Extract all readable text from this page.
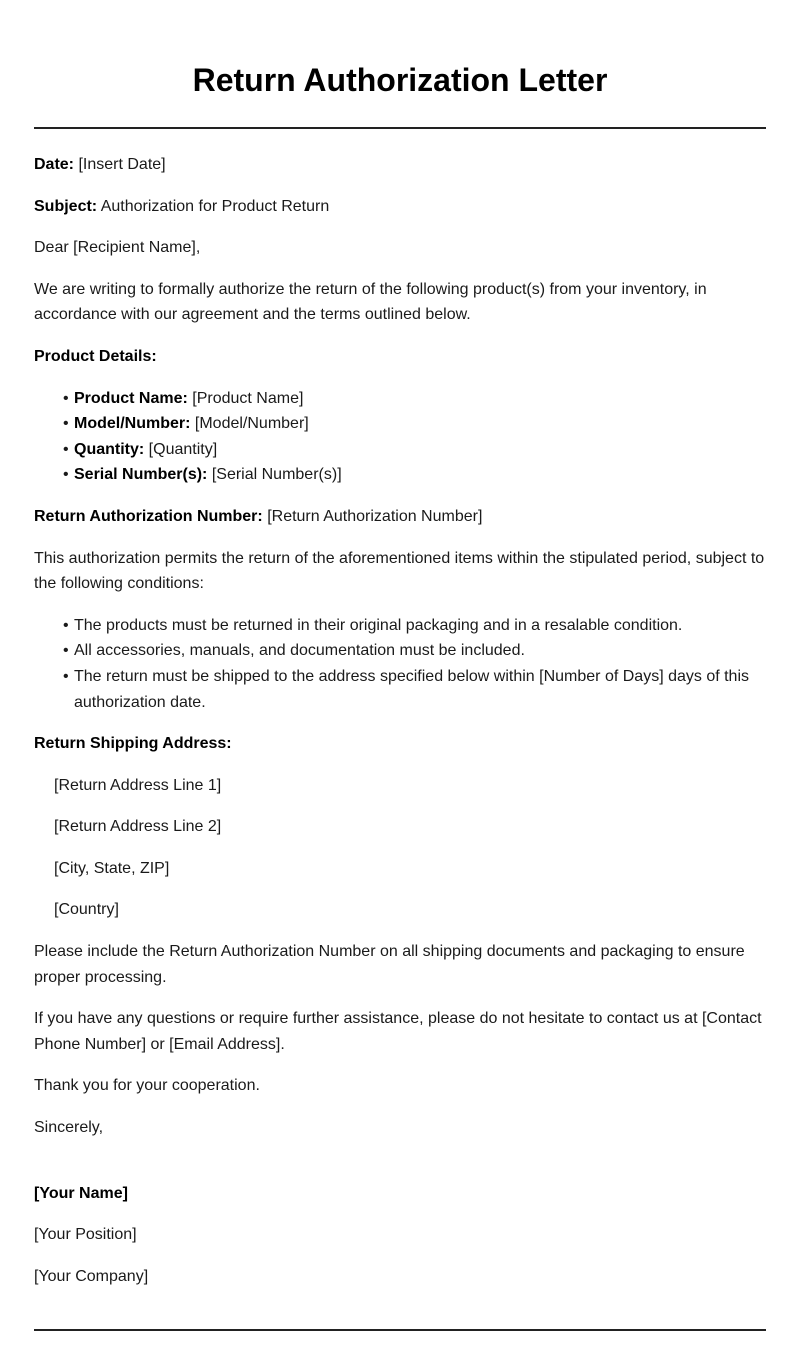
Return Authorization Letter

Date: [Insert Date]

Subject: Authorization for Product Return

Dear [Recipient Name],

We are writing to formally authorize the return of the following product(s) from your inventory, in accordance with our agreement and the terms outlined below.

Product Details:

• Product Name: [Product Name]
• Model/Number: [Model/Number]
• Quantity: [Quantity]
• Serial Number(s): [Serial Number(s)]

Return Authorization Number: [Return Authorization Number]

This authorization permits the return of the aforementioned items within the stipulated period, subject to the following conditions:

• The products must be returned in their original packaging and in a resalable condition.
• All accessories, manuals, and documentation must be included.
• The return must be shipped to the address specified below within [Number of Days] days of this authorization date.

Return Shipping Address:

[Return Address Line 1]

[Return Address Line 2]

[City, State, ZIP]

[Country]

Please include the Return Authorization Number on all shipping documents and packaging to ensure proper processing.

If you have any questions or require further assistance, please do not hesitate to contact us at [Contact Phone Number] or [Email Address].

Thank you for your cooperation.

Sincerely,

[Your Name]

[Your Position]

[Your Company]
